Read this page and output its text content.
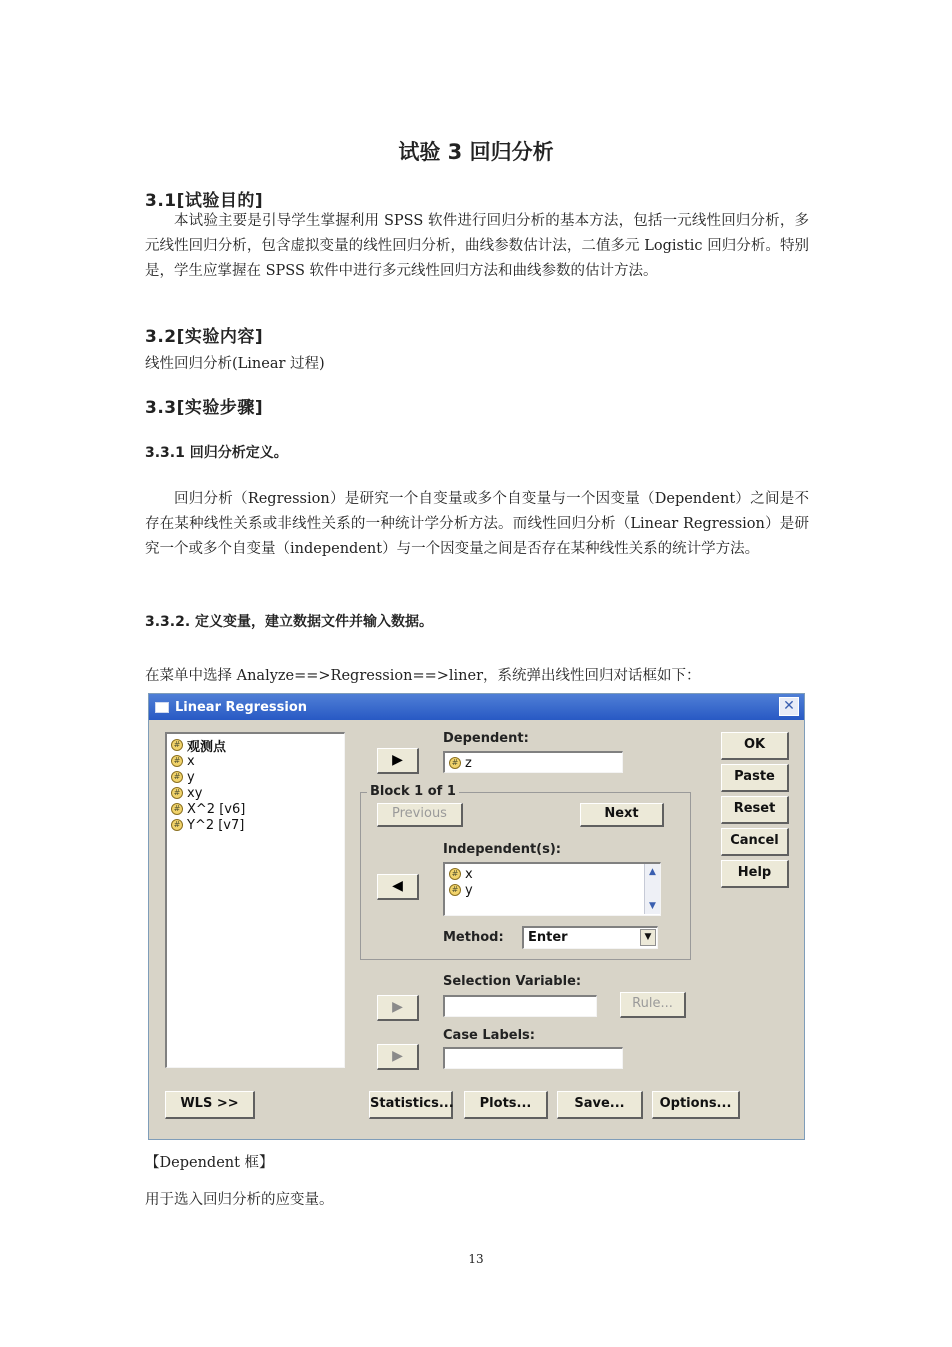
试验 3 回归分析
3.1[试验目的]
本试验主要是引导学生掌握利用 SPSS 软件进行回归分析的基本方法，包括一元线性回归分析，多元线性回归分析，包含虚拟变量的线性回归分析，曲线参数估计法，二值多元 Logistic 回归分析。特别是，学生应掌握在 SPSS 软件中进行多元线性回归方法和曲线参数的估计方法。
3.2[实验内容]
线性回归分析(Linear 过程)
3.3[实验步骤]
3.3.1 回归分析定义。
回归分析（Regression）是研究一个自变量或多个自变量与一个因变量（Dependent）之间是不存在某种线性关系或非线性关系的一种统计学分析方法。而线性回归分析（Linear Regression）是研究一个或多个自变量（independent）与一个因变量之间是否存在某种线性关系的统计学方法。
3.3.2. 定义变量，建立数据文件并输入数据。
在菜单中选择 Analyze==>Regression==>liner，系统弹出线性回归对话框如下：
Linear Regression	✕
# 观测点
# x
# y
# xy
# X^2 [v6]
# Y^2 [v7]
▶
Dependent:
# z
Block 1 of 1
Previous	Next
Independent(s):
◀
# x
# y
▲
▼
Method:	Enter	▼
Selection Variable:
▶	Rule...
Case Labels:
▶
OK
Paste
Reset
Cancel
Help
WLS >>	Statistics...	Plots...	Save...	Options...
【Dependent 框】
用于选入回归分析的应变量。
13
